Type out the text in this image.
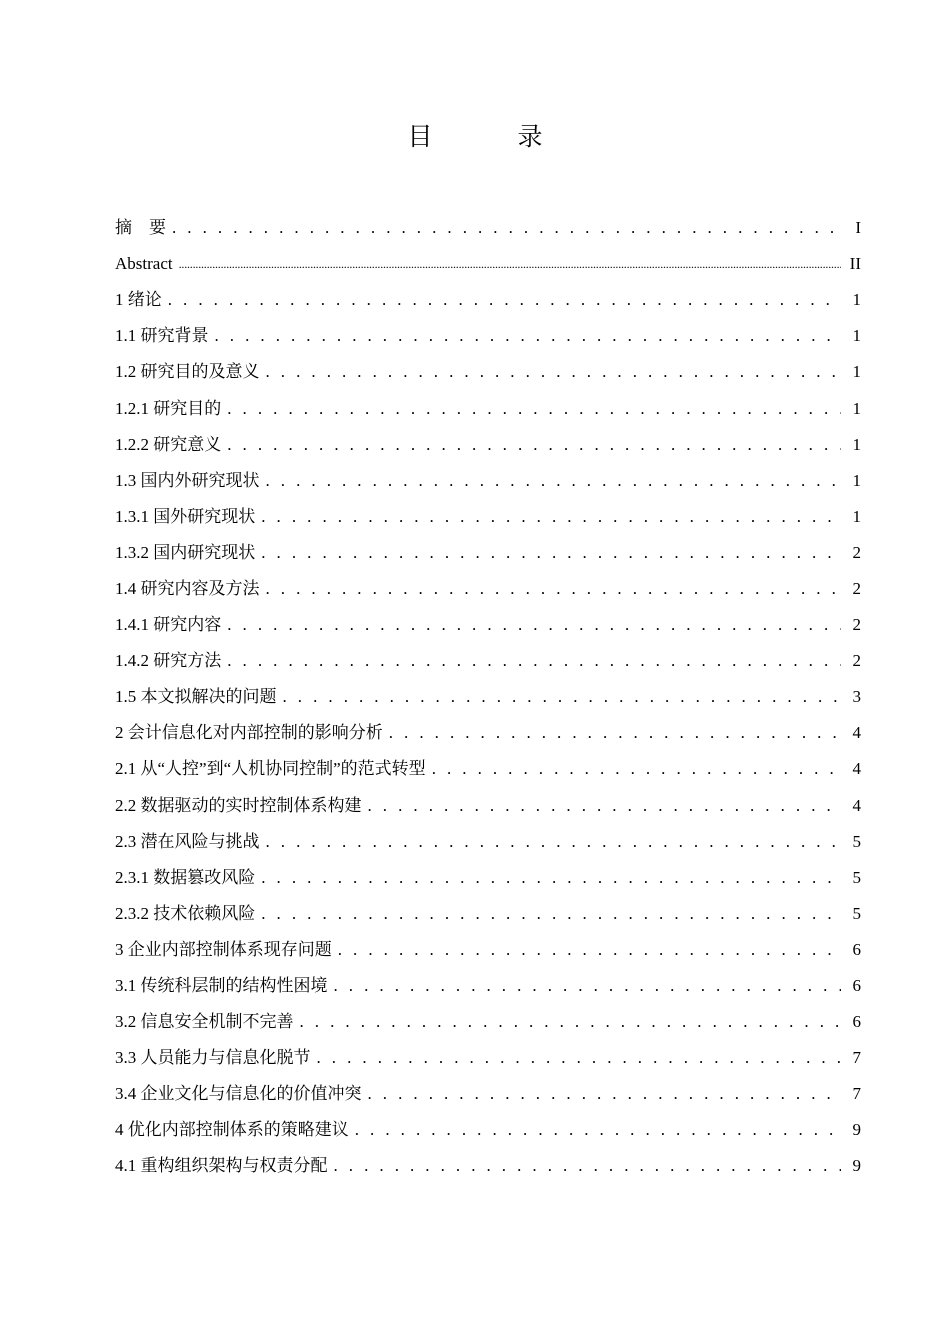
目　录
摘　要 . . .	I
Abstract .....	II
1 绪论 . . .	1
1.1 研究背景 . . .	1
1.2 研究目的及意义 . . .	1
1.2.1 研究目的 . . .	1
1.2.2 研究意义 . . .	1
1.3 国内外研究现状 . . .	1
1.3.1 国外研究现状 . . .	1
1.3.2 国内研究现状 . . .	2
1.4 研究内容及方法 . . .	2
1.4.1 研究内容 . . .	2
1.4.2 研究方法 . . .	2
1.5 本文拟解决的问题 . . .	3
2 会计信息化对内部控制的影响分析 . . .	4
2.1 从“人控”到“人机协同控制”的范式转型 . . .	4
2.2 数据驱动的实时控制体系构建 . . .	4
2.3 潜在风险与挑战 . . .	5
2.3.1 数据篡改风险 . . .	5
2.3.2 技术依赖风险 . . .	5
3 企业内部控制体系现存问题 . . .	6
3.1 传统科层制的结构性困境 . . .	6
3.2 信息安全机制不完善 . . .	6
3.3 人员能力与信息化脱节 . . .	7
3.4 企业文化与信息化的价值冲突 . . .	7
4 优化内部控制体系的策略建议 . . .	9
4.1 重构组织架构与权责分配 . . .	9
